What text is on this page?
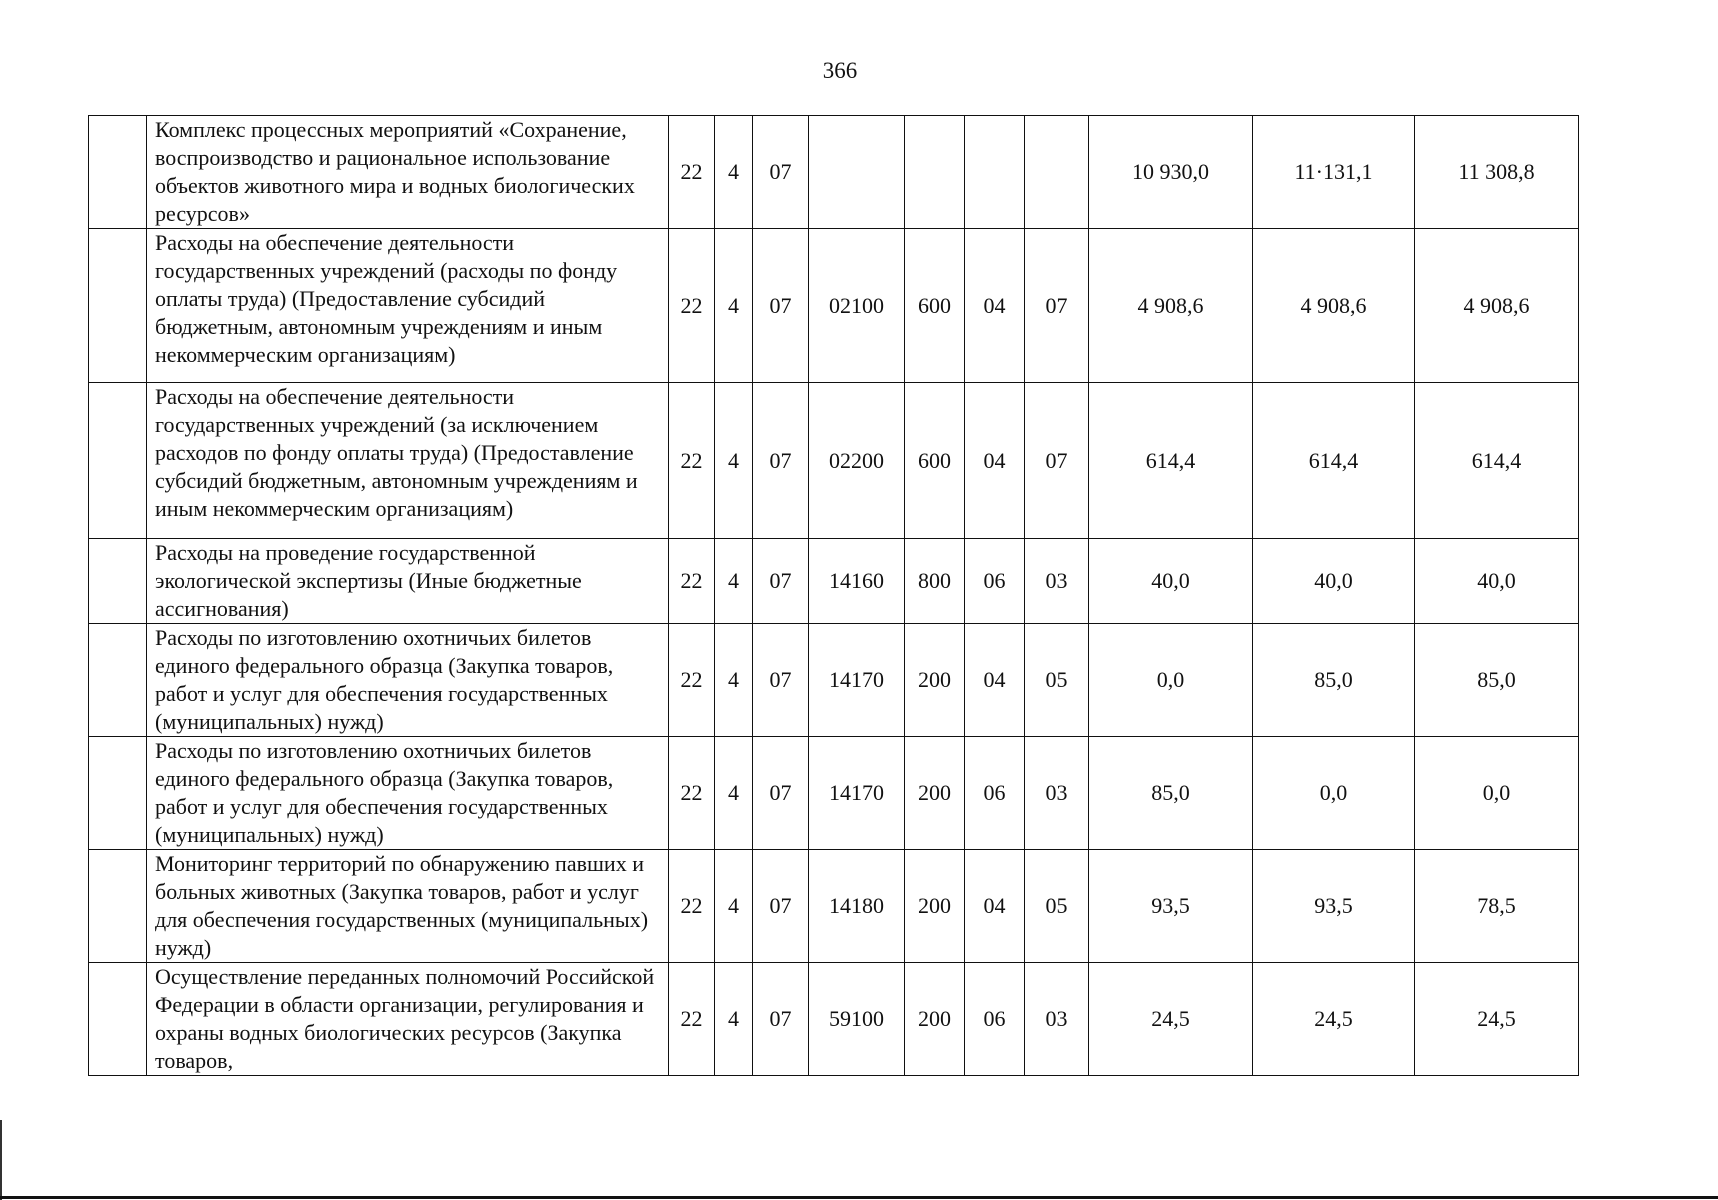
366
	Комплекс процессных мероприятий «Сохранение, воспроизводство и рациональное использование объектов животного мира и водных биологических ресурсов»	22	4	07					10 930,0	11·131,1	11 308,8
	Расходы на обеспечение деятельности государственных учреждений (расходы по фонду оплаты труда) (Предоставление субсидий бюджетным, автономным учреждениям и иным некоммерческим организациям)	22	4	07	02100	600	04	07	4 908,6	4 908,6	4 908,6
	Расходы на обеспечение деятельности государственных учреждений (за исключением расходов по фонду оплаты труда) (Предоставление субсидий бюджетным, автономным учреждениям и иным некоммерческим организациям)	22	4	07	02200	600	04	07	614,4	614,4	614,4
	Расходы на проведение государственной экологической экспертизы (Иные бюджетные ассигнования)	22	4	07	14160	800	06	03	40,0	40,0	40,0
	Расходы по изготовлению охотничьих билетов единого федерального образца (Закупка товаров, работ и услуг для обеспечения государственных (муниципальных) нужд)	22	4	07	14170	200	04	05	0,0	85,0	85,0
	Расходы по изготовлению охотничьих билетов единого федерального образца (Закупка товаров, работ и услуг для обеспечения государственных (муниципальных) нужд)	22	4	07	14170	200	06	03	85,0	0,0	0,0
	Мониторинг территорий по обнаружению павших и больных животных (Закупка товаров, работ и услуг для обеспечения государственных (муниципальных) нужд)	22	4	07	14180	200	04	05	93,5	93,5	78,5
	Осуществление переданных полномочий Российской Федерации в области организации, регулирования и охраны водных биологических ресурсов (Закупка товаров,	22	4	07	59100	200	06	03	24,5	24,5	24,5
